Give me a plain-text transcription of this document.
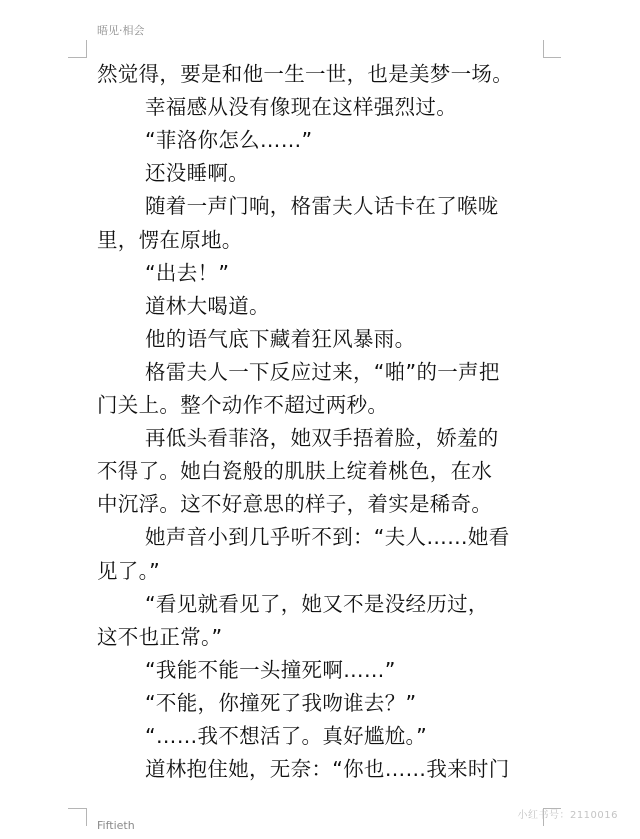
晤见·相会
然觉得，要是和他一生一世，也是美梦一场。
幸福感从没有像现在这样强烈过。
“菲洛你怎么……”
还没睡啊。
随着一声门响，格雷夫人话卡在了喉咙
里，愣在原地。
“出去！”
道林大喝道。
他的语气底下藏着狂风暴雨。
格雷夫人一下反应过来，“啪”的一声把
门关上。整个动作不超过两秒。
再低头看菲洛，她双手捂着脸，娇羞的
不得了。她白瓷般的肌肤上绽着桃色，在水
中沉浮。这不好意思的样子，着实是稀奇。
她声音小到几乎听不到：“夫人……她看
见了。”
“看见就看见了，她又不是没经历过，
这不也正常。”
“我能不能一头撞死啊……”
“不能，你撞死了我吻谁去？”
“……我不想活了。真好尴尬。”
道林抱住她，无奈：“你也……我来时门
Fiftieth
小红书号：2110016
